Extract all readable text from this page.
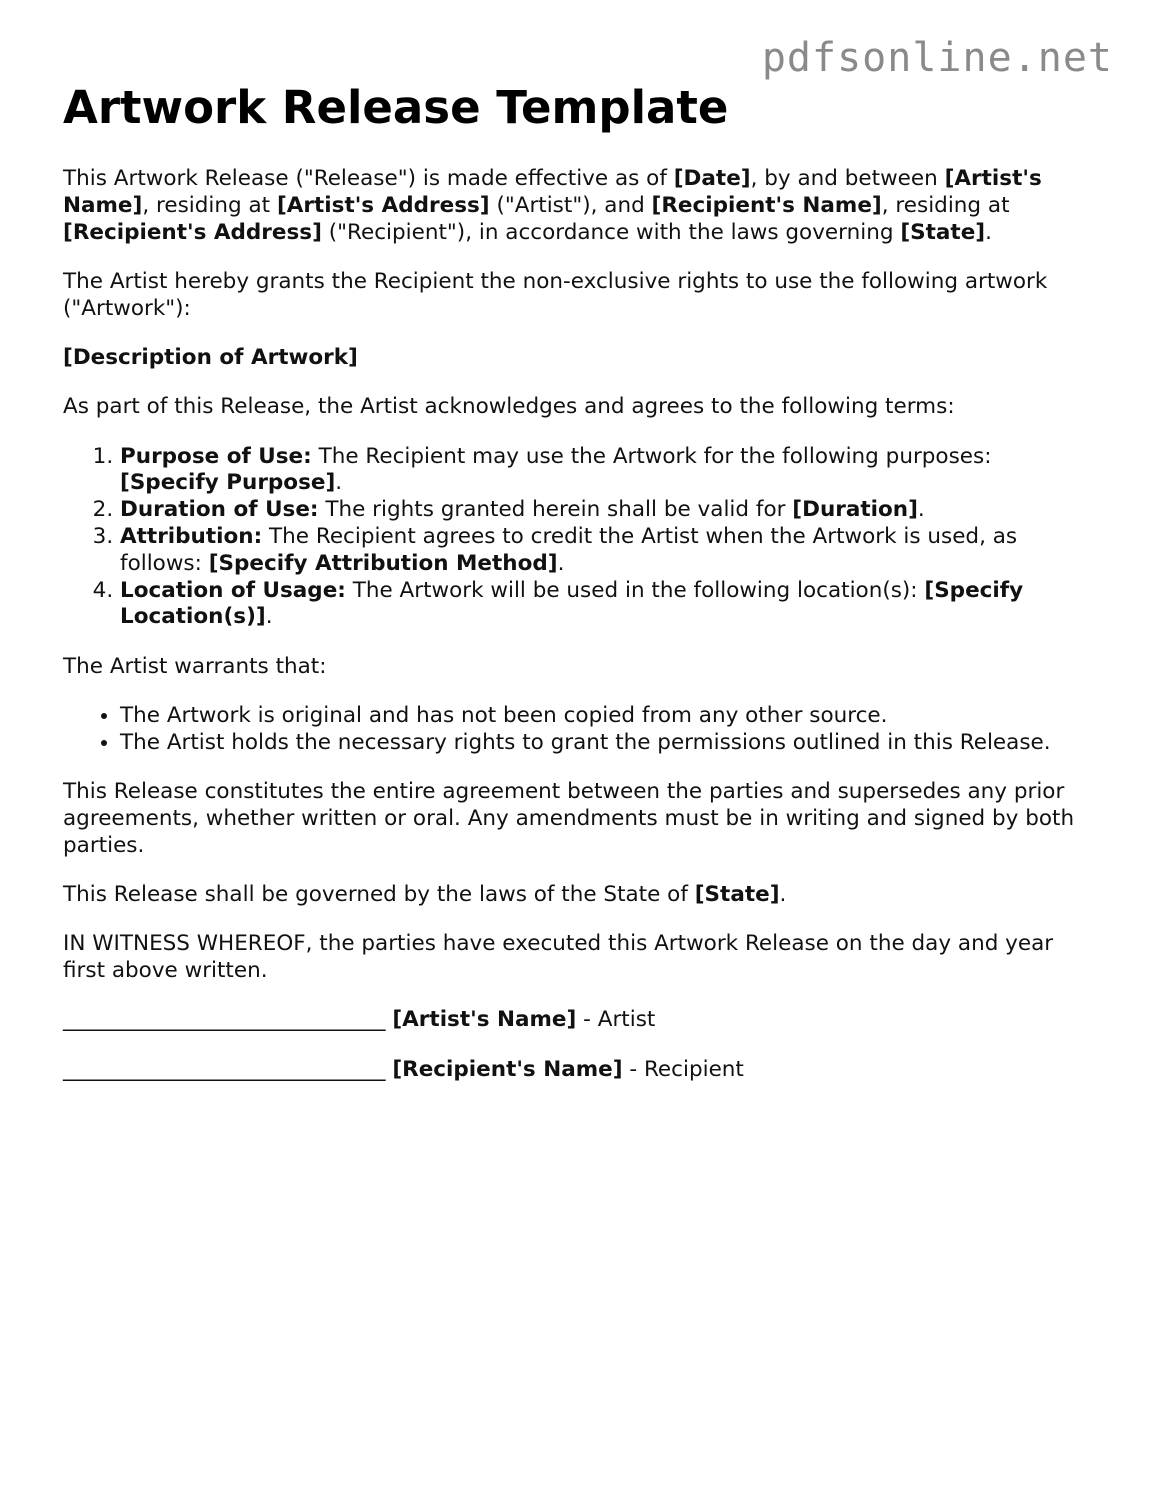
pdfsonline.net
Artwork Release Template

This Artwork Release ("Release") is made effective as of [Date], by and between [Artist's Name], residing at [Artist's Address] ("Artist"), and [Recipient's Name], residing at [Recipient's Address] ("Recipient"), in accordance with the laws governing [State].

The Artist hereby grants the Recipient the non-exclusive rights to use the following artwork ("Artwork"):

[Description of Artwork]

As part of this Release, the Artist acknowledges and agrees to the following terms:

1. Purpose of Use: The Recipient may use the Artwork for the following purposes: [Specify Purpose].
2. Duration of Use: The rights granted herein shall be valid for [Duration].
3. Attribution: The Recipient agrees to credit the Artist when the Artwork is used, as follows: [Specify Attribution Method].
4. Location of Usage: The Artwork will be used in the following location(s): [Specify Location(s)].

The Artist warrants that:

• The Artwork is original and has not been copied from any other source.
• The Artist holds the necessary rights to grant the permissions outlined in this Release.

This Release constitutes the entire agreement between the parties and supersedes any prior agreements, whether written or oral. Any amendments must be in writing and signed by both parties.

This Release shall be governed by the laws of the State of [State].

IN WITNESS WHEREOF, the parties have executed this Artwork Release on the day and year first above written.

______________________________ [Artist's Name] - Artist

______________________________ [Recipient's Name] - Recipient
